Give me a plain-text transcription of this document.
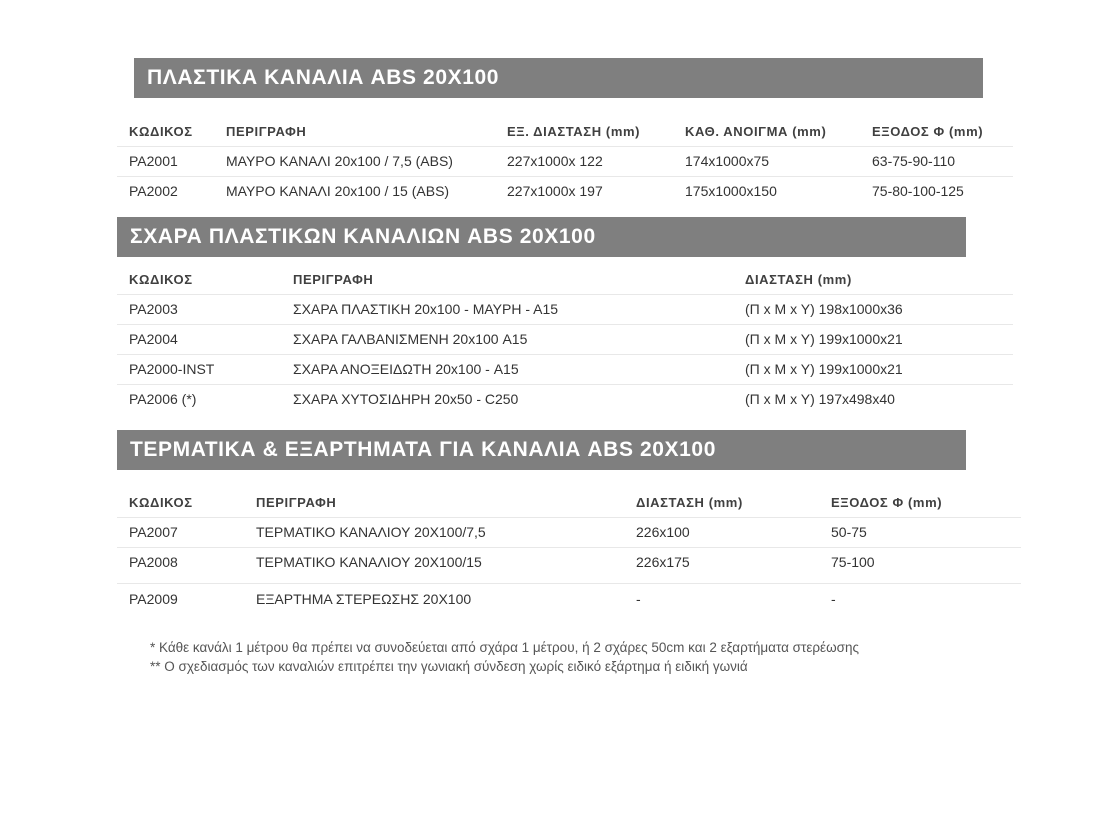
ΠΛΑΣΤΙΚΑ ΚΑΝΑΛΙΑ ABS 20X100
ΚΩΔΙΚΟΣ	ΠΕΡΙΓΡΑΦΗ	ΕΞ. ΔΙΑΣΤΑΣΗ (mm)	ΚΑΘ. ΑΝΟΙΓΜΑ (mm)	ΕΞΟΔΟΣ Φ (mm)
PA2001	ΜΑΥΡΟ ΚΑΝΑΛΙ 20x100 / 7,5 (ABS)	227x1000x 122	174x1000x75	63-75-90-110
PA2002	ΜΑΥΡΟ ΚΑΝΑΛΙ 20x100 / 15 (ABS)	227x1000x 197	175x1000x150	75-80-100-125
ΣΧΑΡΑ ΠΛΑΣΤΙΚΩΝ ΚΑΝΑΛΙΩΝ ABS 20X100
ΚΩΔΙΚΟΣ	ΠΕΡΙΓΡΑΦΗ	ΔΙΑΣΤΑΣΗ (mm)
PA2003	ΣΧΑΡΑ ΠΛΑΣΤΙΚΗ 20x100 - ΜΑΥΡΗ - Α15	(Π x M x Y) 198x1000x36
PA2004	ΣΧΑΡΑ ΓΑΛΒΑΝΙΣΜΕΝΗ 20x100 Α15	(Π x M x Y) 199x1000x21
PA2000-INST	ΣΧΑΡΑ ΑΝΟΞΕΙΔΩΤΗ 20x100 - Α15	(Π x M x Y) 199x1000x21
PA2006 (*)	ΣΧΑΡΑ ΧΥΤΟΣΙΔΗΡΗ 20x50 - C250	(Π x M x Y) 197x498x40
ΤΕΡΜΑΤΙΚΑ & ΕΞΑΡΤΗΜΑΤΑ ΓΙΑ ΚΑΝΑΛΙΑ ABS 20X100
ΚΩΔΙΚΟΣ	ΠΕΡΙΓΡΑΦΗ	ΔΙΑΣΤΑΣΗ (mm)	ΕΞΟΔΟΣ Φ (mm)
PA2007	ΤΕΡΜΑΤΙΚΟ ΚΑΝΑΛΙΟΥ 20X100/7,5	226x100	50-75
PA2008	ΤΕΡΜΑΤΙΚΟ ΚΑΝΑΛΙΟΥ 20X100/15	226x175	75-100
PA2009	ΕΞΑΡΤΗΜΑ ΣΤΕΡΕΩΣΗΣ 20X100	-	-
* Κάθε κανάλι 1 μέτρου θα πρέπει να συνοδεύεται από σχάρα 1 μέτρου, ή 2 σχάρες 50cm και 2 εξαρτήματα στερέωσης
** Ο σχεδιασμός των καναλιών επιτρέπει την γωνιακή σύνδεση χωρίς ειδικό εξάρτημα ή ειδική γωνιά
